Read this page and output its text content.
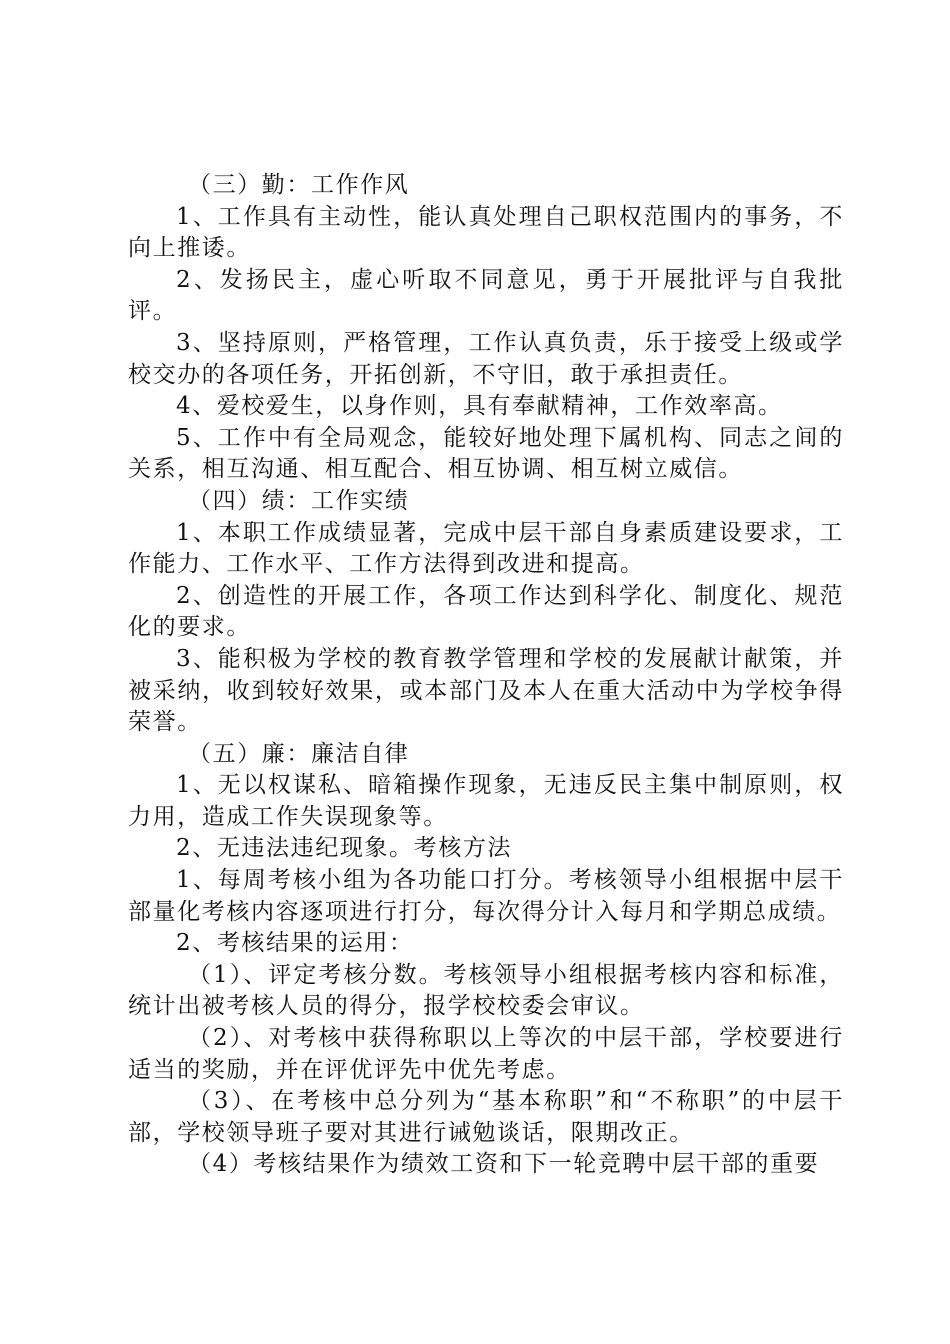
（三）勤：工作作风

1、工作具有主动性，能认真处理自己职权范围内的事务，不向上推诿。

2、发扬民主，虚心听取不同意见，勇于开展批评与自我批评。

3、坚持原则，严格管理，工作认真负责，乐于接受上级或学校交办的各项任务，开拓创新，不守旧，敢于承担责任。

4、爱校爱生，以身作则，具有奉献精神，工作效率高。

5、工作中有全局观念，能较好地处理下属机构、同志之间的关系，相互沟通、相互配合、相互协调、相互树立威信。

（四）绩：工作实绩

1、本职工作成绩显著，完成中层干部自身素质建设要求，工作能力、工作水平、工作方法得到改进和提高。

2、创造性的开展工作，各项工作达到科学化、制度化、规范化的要求。

3、能积极为学校的教育教学管理和学校的发展献计献策，并被采纳，收到较好效果，或本部门及本人在重大活动中为学校争得荣誉。

（五）廉：廉洁自律

1、无以权谋私、暗箱操作现象，无违反民主集中制原则，权力用，造成工作失误现象等。

2、无违法违纪现象。考核方法

1、每周考核小组为各功能口打分。考核领导小组根据中层干部量化考核内容逐项进行打分，每次得分计入每月和学期总成绩。

2、考核结果的运用：

（1）、评定考核分数。考核领导小组根据考核内容和标准，统计出被考核人员的得分，报学校校委会审议。

（2）、对考核中获得称职以上等次的中层干部，学校要进行适当的奖励，并在评优评先中优先考虑。

（3）、在考核中总分列为“基本称职”和“不称职”的中层干部，学校领导班子要对其进行诫勉谈话，限期改正。

（4）考核结果作为绩效工资和下一轮竞聘中层干部的重要
